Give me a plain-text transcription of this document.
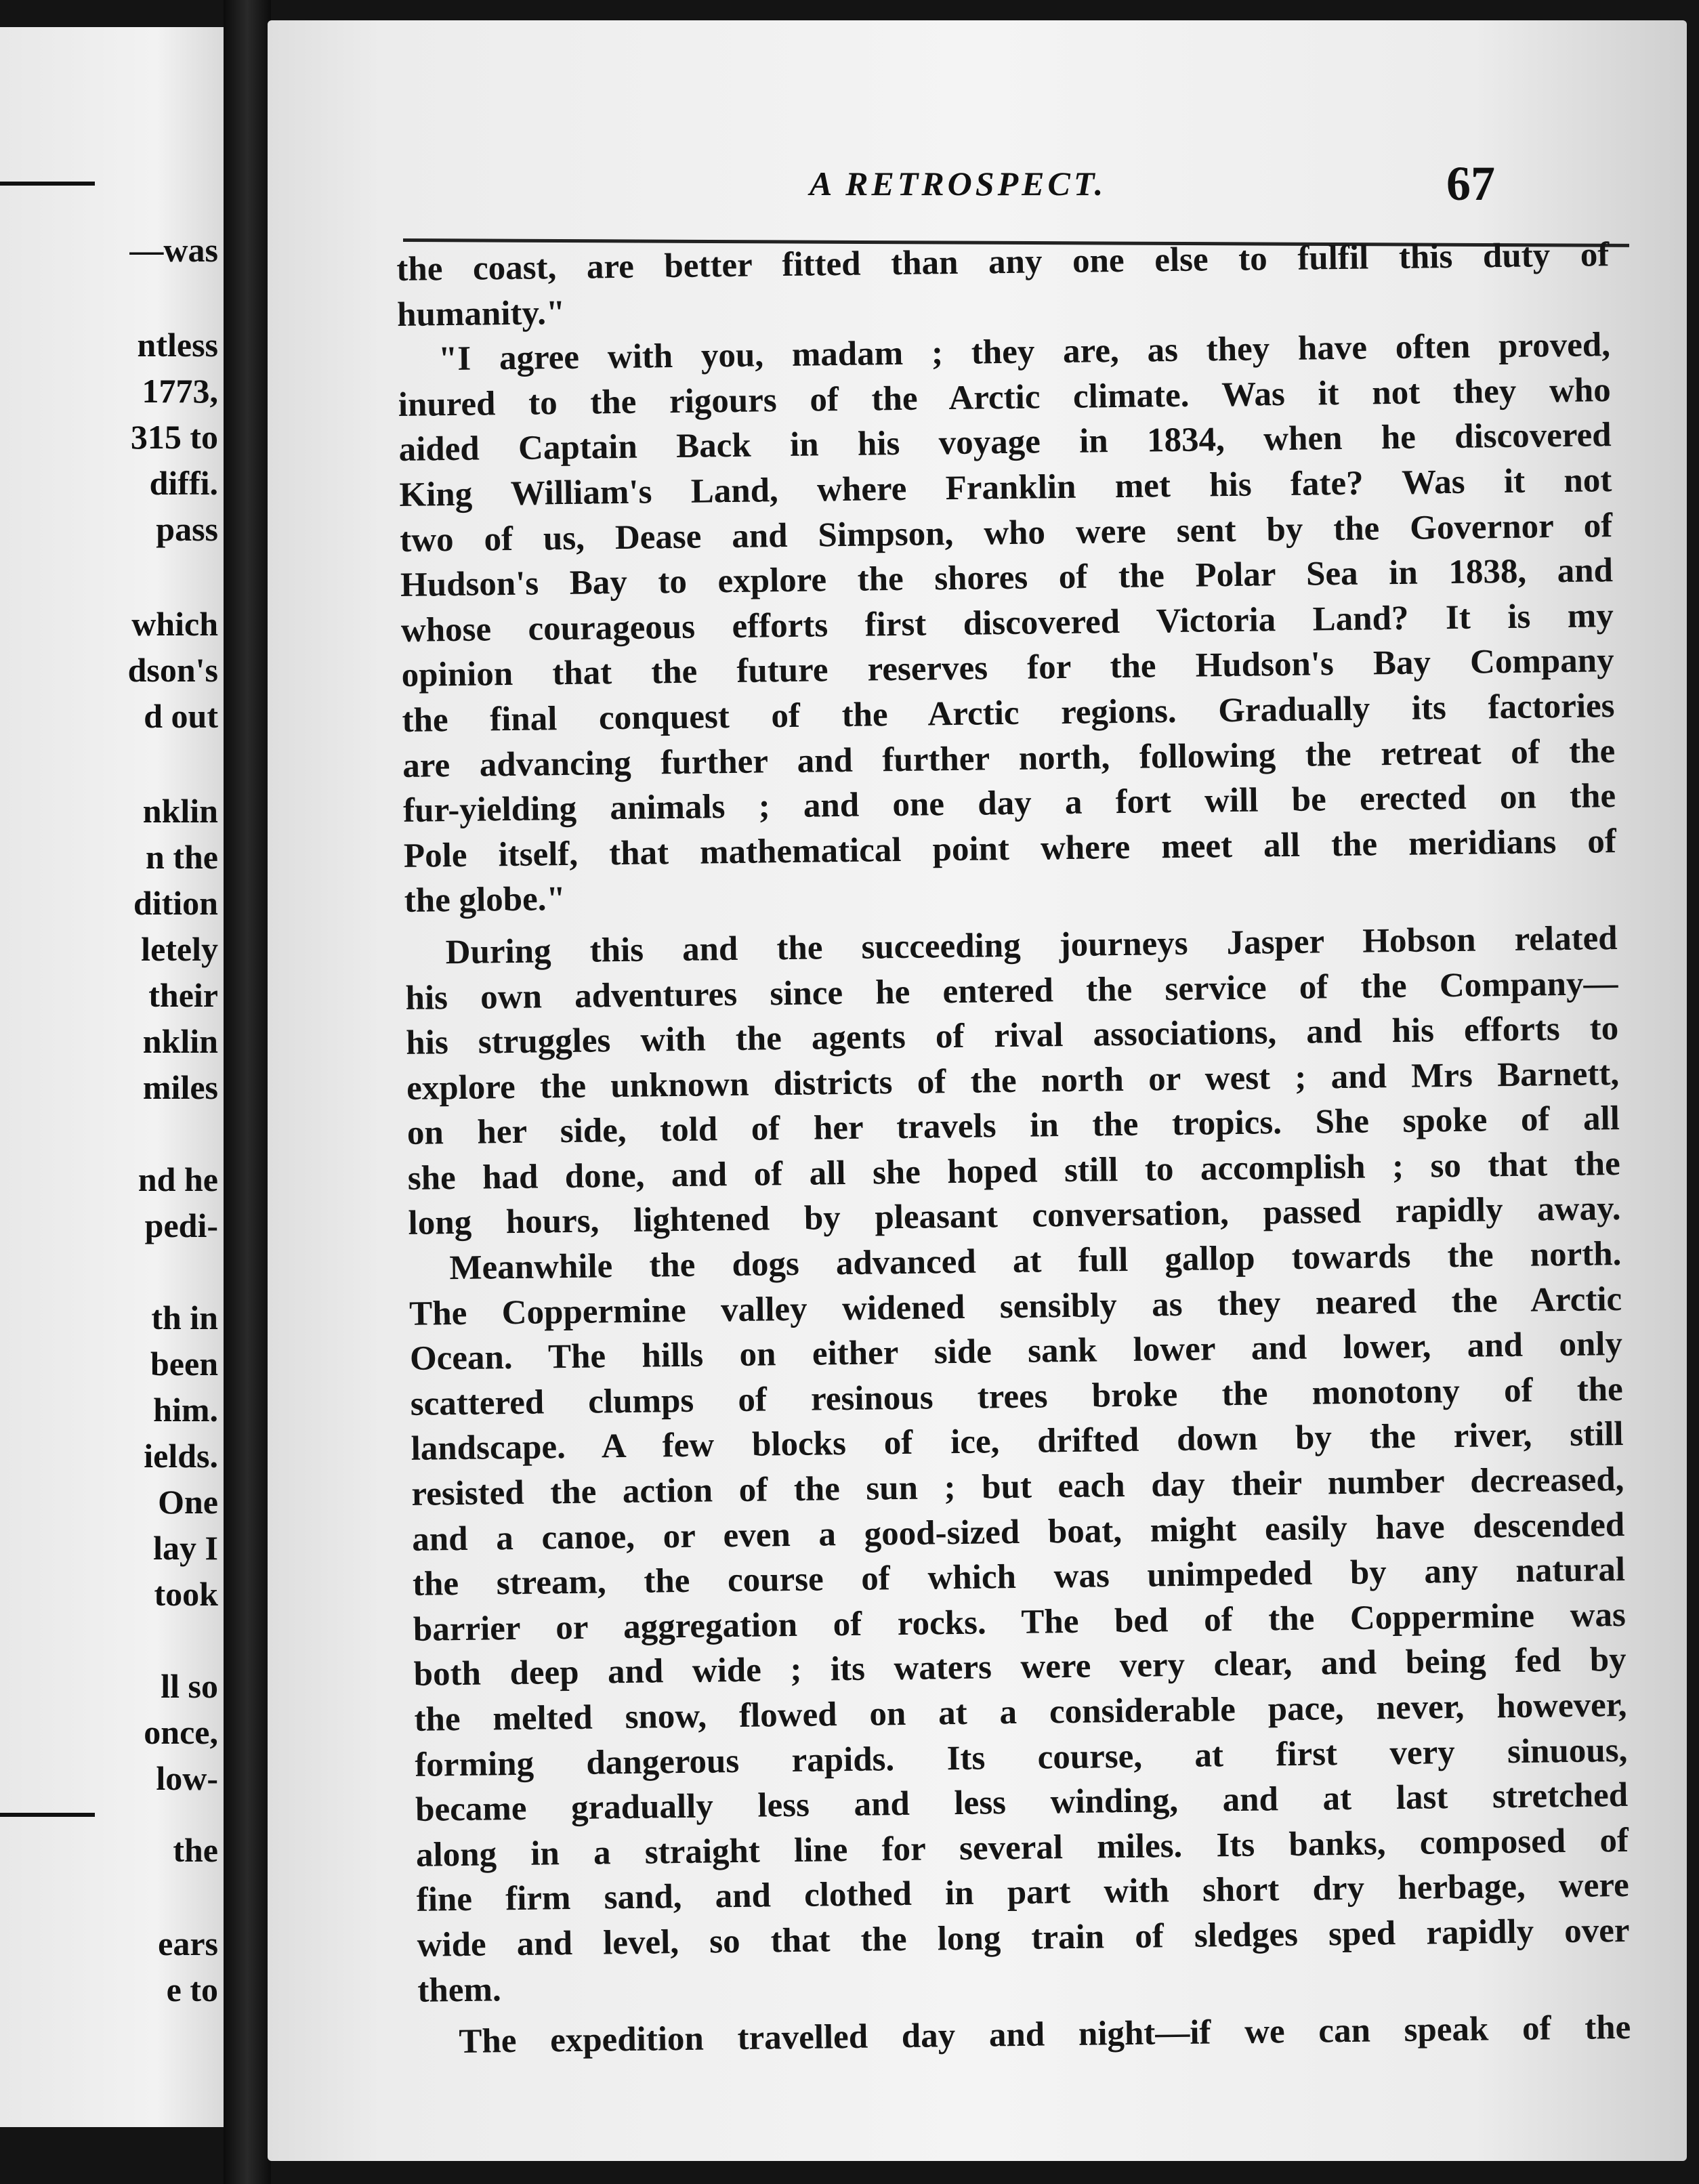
—was
ntless
1773,
315 to
diffi.
pass
which
dson's
d out
nklin
n the
dition
letely
their
nklin
miles
nd he
pedi-
th in
been
him.
ields.
One
lay I
took
ll so
once,
low-
the
ears
e to
A RETROSPECT.	67
the coast, are better fitted than any one else to fulfil this duty of
humanity."
"I agree with you, madam ; they are, as they have often proved,
inured to the rigours of the Arctic climate. Was it not they who
aided Captain Back in his voyage in 1834, when he discovered
King William's Land, where Franklin met his fate? Was it not
two of us, Dease and Simpson, who were sent by the Governor of
Hudson's Bay to explore the shores of the Polar Sea in 1838, and
whose courageous efforts first discovered Victoria Land? It is my
opinion that the future reserves for the Hudson's Bay Company
the final conquest of the Arctic regions. Gradually its factories
are advancing further and further north, following the retreat of the
fur-yielding animals ; and one day a fort will be erected on the
Pole itself, that mathematical point where meet all the meridians of
the globe."
During this and the succeeding journeys Jasper Hobson related
his own adventures since he entered the service of the Company—
his struggles with the agents of rival associations, and his efforts to
explore the unknown districts of the north or west ; and Mrs Barnett,
on her side, told of her travels in the tropics. She spoke of all
she had done, and of all she hoped still to accomplish ; so that the
long hours, lightened by pleasant conversation, passed rapidly away.
Meanwhile the dogs advanced at full gallop towards the north.
The Coppermine valley widened sensibly as they neared the Arctic
Ocean. The hills on either side sank lower and lower, and only
scattered clumps of resinous trees broke the monotony of the
landscape. A few blocks of ice, drifted down by the river, still
resisted the action of the sun ; but each day their number decreased,
and a canoe, or even a good-sized boat, might easily have descended
the stream, the course of which was unimpeded by any natural
barrier or aggregation of rocks. The bed of the Coppermine was
both deep and wide ; its waters were very clear, and being fed by
the melted snow, flowed on at a considerable pace, never, however,
forming dangerous rapids. Its course, at first very sinuous,
became gradually less and less winding, and at last stretched
along in a straight line for several miles. Its banks, composed of
fine firm sand, and clothed in part with short dry herbage, were
wide and level, so that the long train of sledges sped rapidly over
them.
The expedition travelled day and night—if we can speak of the
